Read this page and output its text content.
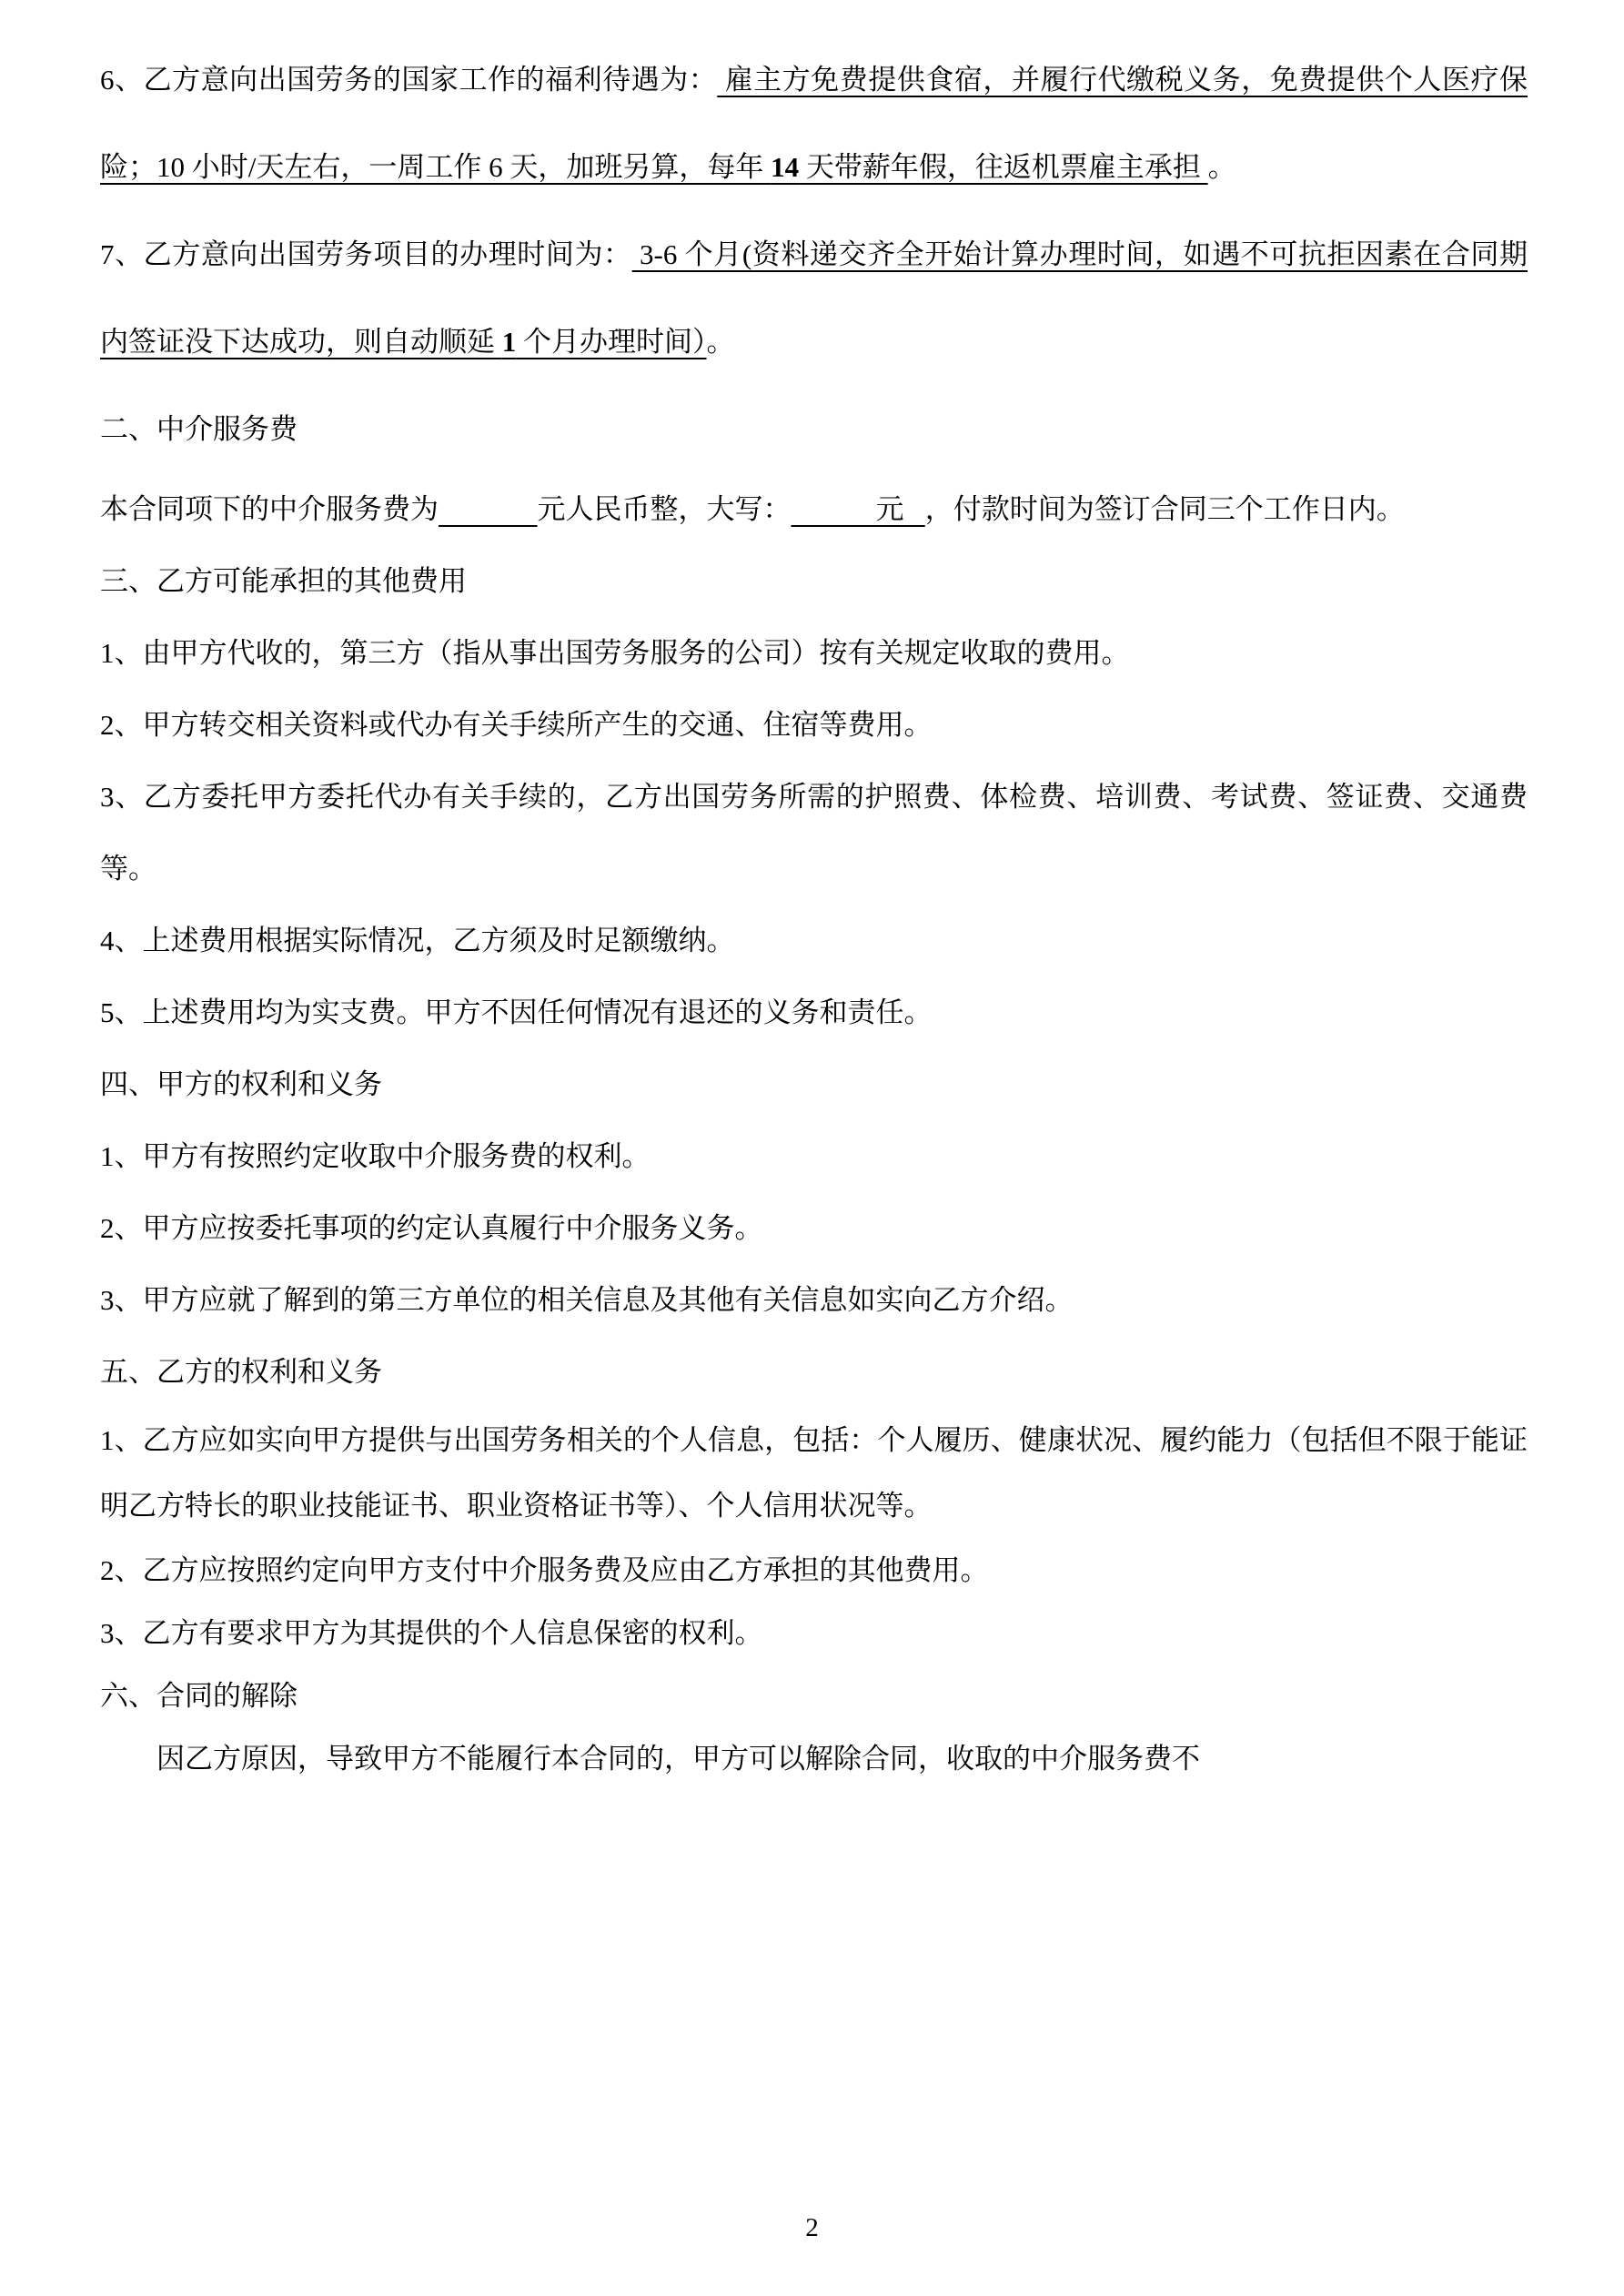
6、乙方意向出国劳务的国家工作的福利待遇为： 雇主方免费提供食宿，并履行代缴税义务，免费提供个人医疗保险；10 小时/天左右，一周工作 6 天，加班另算，每年 14 天带薪年假，往返机票雇主承担 。

7、乙方意向出国劳务项目的办理时间为： 3-6 个月(资料递交齐全开始计算办理时间，如遇不可抗拒因素在合同期内签证没下达成功，则自动顺延 1 个月办理时间）。

二、中介服务费

本合同项下的中介服务费为	元人民币整，大写：	元 ，付款时间为签订合同三个工作日内。

三、乙方可能承担的其他费用

1、由甲方代收的，第三方（指从事出国劳务服务的公司）按有关规定收取的费用。

2、甲方转交相关资料或代办有关手续所产生的交通、住宿等费用。

3、乙方委托甲方委托代办有关手续的，乙方出国劳务所需的护照费、体检费、培训费、考试费、签证费、交通费等。

4、上述费用根据实际情况，乙方须及时足额缴纳。

5、上述费用均为实支费。甲方不因任何情况有退还的义务和责任。

四、甲方的权利和义务

1、甲方有按照约定收取中介服务费的权利。

2、甲方应按委托事项的约定认真履行中介服务义务。

3、甲方应就了解到的第三方单位的相关信息及其他有关信息如实向乙方介绍。

五、乙方的权利和义务

1、乙方应如实向甲方提供与出国劳务相关的个人信息，包括：个人履历、健康状况、履约能力（包括但不限于能证明乙方特长的职业技能证书、职业资格证书等）、个人信用状况等。

2、乙方应按照约定向甲方支付中介服务费及应由乙方承担的其他费用。

3、乙方有要求甲方为其提供的个人信息保密的权利。

六、合同的解除

因乙方原因，导致甲方不能履行本合同的，甲方可以解除合同，收取的中介服务费不

2
